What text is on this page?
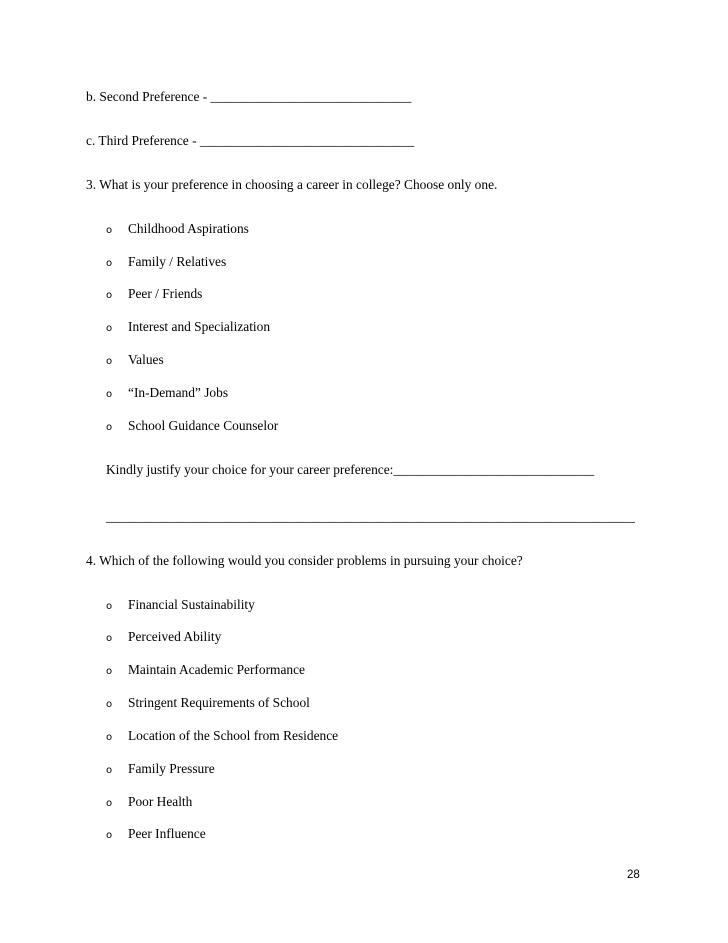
b. Second Preference - ______________________________
c. Third Preference - ________________________________
3. What is your preference in choosing a career in college? Choose only one.
o Childhood Aspirations
o Family / Relatives
o Peer / Friends
o Interest and Specialization
o Values
o “In-Demand” Jobs
o School Guidance Counselor
Kindly justify your choice for your career preference:______________________________
_______________________________________________________________________________
4. Which of the following would you consider problems in pursuing your choice?
o Financial Sustainability
o Perceived Ability
o Maintain Academic Performance
o Stringent Requirements of School
o Location of the School from Residence
o Family Pressure
o Poor Health
o Peer Influence
28
